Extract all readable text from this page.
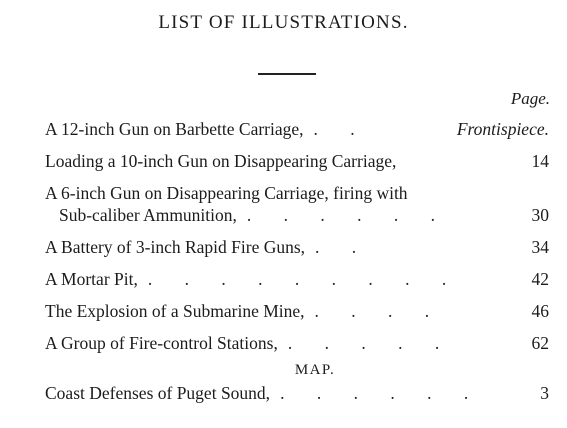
LIST OF ILLUSTRATIONS.
Page.
A 12-inch Gun on Barbette Carriage, . .	Frontispiece.
Loading a 10-inch Gun on Disappearing Carriage,	14
A 6-inch Gun on Disappearing Carriage, firing with
Sub-caliber Ammunition, . . . . . .	30
A Battery of 3-inch Rapid Fire Guns, . .	34
A Mortar Pit, . . . . . . . . .	42
The Explosion of a Submarine Mine, . . . .	46
A Group of Fire-control Stations, . . . . .	62
MAP.
Coast Defenses of Puget Sound, . . . . . .	3
